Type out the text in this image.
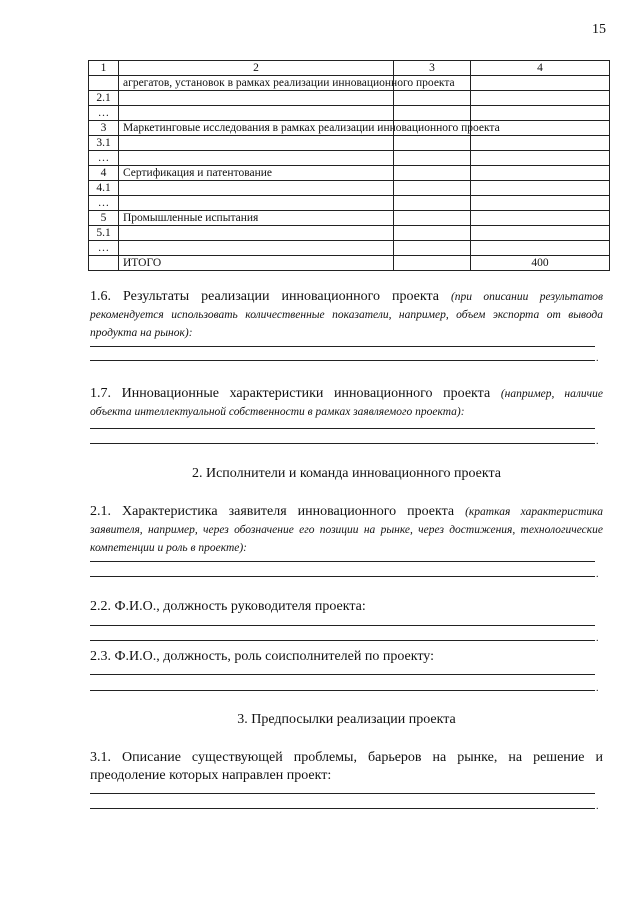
15
1	2	3	4
	агрегатов, установок в рамках реализации инновационного проекта		
2.1			
…			
3	Маркетинговые исследования в рамках реализации инновационного проекта		
3.1			
…			
4	Сертификация и патентование		
4.1			
…			
5	Промышленные испытания		
5.1			
…			
	ИТОГО		400
1.6. Результаты реализации инновационного проекта (при описании результатов рекомендуется использовать количественные показатели, например, объем экспорта от вывода продукта на рынок):
.
1.7. Инновационные характеристики инновационного проекта (например, наличие объекта интеллектуальной собственности в рамках заявляемого проекта):
.
2. Исполнители и команда инновационного проекта
2.1. Характеристика заявителя инновационного проекта (краткая характеристика заявителя, например, через обозначение его позиции на рынке, через достижения, технологические компетенции и роль в проекте):
.
2.2. Ф.И.О., должность руководителя проекта:
.
2.3. Ф.И.О., должность, роль соисполнителей по проекту:
.
3. Предпосылки реализации проекта
3.1. Описание существующей проблемы, барьеров на рынке, на решение и преодоление которых направлен проект:
.
